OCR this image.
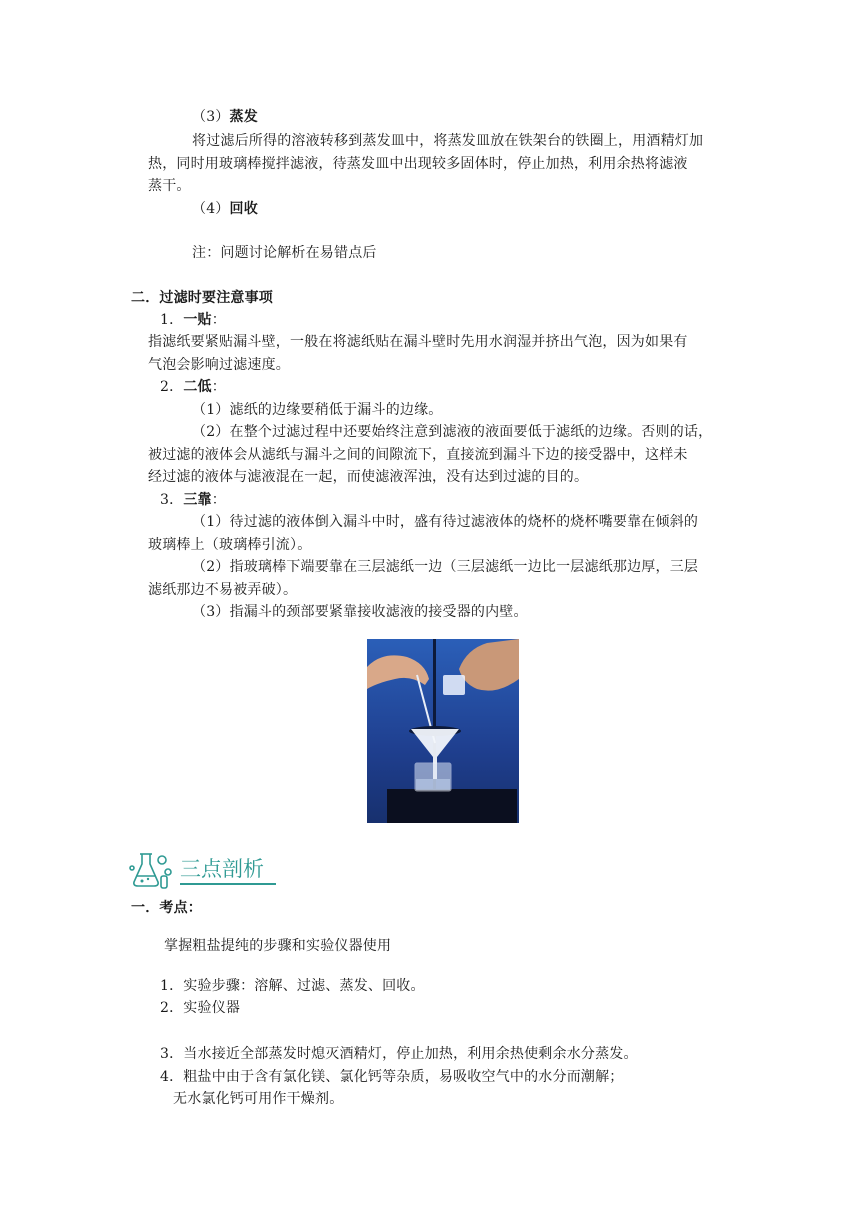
（3）蒸发
将过滤后所得的溶液转移到蒸发皿中，将蒸发皿放在铁架台的铁圈上，用酒精灯加
热，同时用玻璃棒搅拌滤液，待蒸发皿中出现较多固体时，停止加热，利用余热将滤液
蒸干。
（4）回收
注：问题讨论解析在易错点后
二．过滤时要注意事项
1．一贴：
指滤纸要紧贴漏斗壁，一般在将滤纸贴在漏斗壁时先用水润湿并挤出气泡，因为如果有
气泡会影响过滤速度。
2．二低：
（1）滤纸的边缘要稍低于漏斗的边缘。
（2）在整个过滤过程中还要始终注意到滤液的液面要低于滤纸的边缘。否则的话，
被过滤的液体会从滤纸与漏斗之间的间隙流下，直接流到漏斗下边的接受器中，这样未
经过滤的液体与滤液混在一起，而使滤液浑浊，没有达到过滤的目的。
3．三靠：
（1）待过滤的液体倒入漏斗中时，盛有待过滤液体的烧杯的烧杯嘴要靠在倾斜的
玻璃棒上（玻璃棒引流）。
（2）指玻璃棒下端要靠在三层滤纸一边（三层滤纸一边比一层滤纸那边厚，三层
滤纸那边不易被弄破）。
（3）指漏斗的颈部要紧靠接收滤液的接受器的内壁。
三点剖析
一．考点：
掌握粗盐提纯的步骤和实验仪器使用
1．实验步骤：溶解、过滤、蒸发、回收。
2．实验仪器
3．当水接近全部蒸发时熄灭酒精灯，停止加热，利用余热使剩余水分蒸发。
4．粗盐中由于含有氯化镁、氯化钙等杂质，易吸收空气中的水分而潮解；
无水氯化钙可用作干燥剂。
